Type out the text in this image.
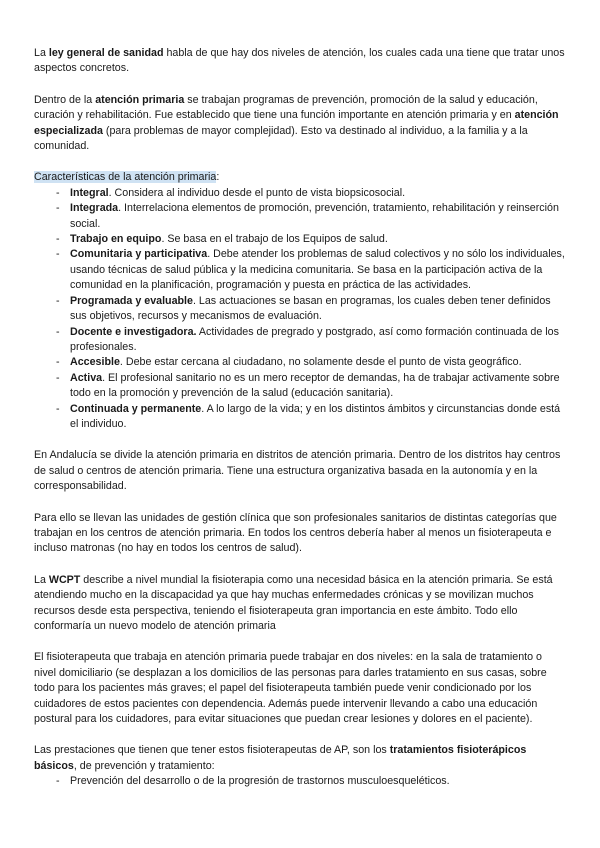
La ley general de sanidad habla de que hay dos niveles de atención, los cuales cada una tiene que tratar unos aspectos concretos.

Dentro de la atención primaria se trabajan programas de prevención, promoción de la salud y educación, curación y rehabilitación. Fue establecido que tiene una función importante en atención primaria y en atención especializada (para problemas de mayor complejidad). Esto va destinado al individuo, a la familia y a la comunidad.

Características de la atención primaria:
- Integral. Considera al individuo desde el punto de vista biopsicosocial.
- Integrada. Interrelaciona elementos de promoción, prevención, tratamiento, rehabilitación y reinserción social.
- Trabajo en equipo. Se basa en el trabajo de los Equipos de salud.
- Comunitaria y participativa. Debe atender los problemas de salud colectivos y no sólo los individuales, usando técnicas de salud pública y la medicina comunitaria. Se basa en la participación activa de la comunidad en la planificación, programación y puesta en práctica de las actividades.
- Programada y evaluable. Las actuaciones se basan en programas, los cuales deben tener definidos sus objetivos, recursos y mecanismos de evaluación.
- Docente e investigadora. Actividades de pregrado y postgrado, así como formación continuada de los profesionales.
- Accesible. Debe estar cercana al ciudadano, no solamente desde el punto de vista geográfico.
- Activa. El profesional sanitario no es un mero receptor de demandas, ha de trabajar activamente sobre todo en la promoción y prevención de la salud (educación sanitaria).
- Continuada y permanente. A lo largo de la vida; y en los distintos ámbitos y circunstancias donde está el individuo.

En Andalucía se divide la atención primaria en distritos de atención primaria. Dentro de los distritos hay centros de salud o centros de atención primaria. Tiene una estructura organizativa basada en la autonomía y en la corresponsabilidad.

Para ello se llevan las unidades de gestión clínica que son profesionales sanitarios de distintas categorías que trabajan en los centros de atención primaria. En todos los centros debería haber al menos un fisioterapeuta e incluso matronas (no hay en todos los centros de salud).

La WCPT describe a nivel mundial la fisioterapia como una necesidad básica en la atención primaria. Se está atendiendo mucho en la discapacidad ya que hay muchas enfermedades crónicas y se movilizan muchos recursos desde esta perspectiva, teniendo el fisioterapeuta gran importancia en este ámbito. Todo ello conformaría un nuevo modelo de atención primaria

El fisioterapeuta que trabaja en atención primaria puede trabajar en dos niveles: en la sala de tratamiento o nivel domiciliario (se desplazan a los domicilios de las personas para darles tratamiento en sus casas, sobre todo para los pacientes más graves; el papel del fisioterapeuta también puede venir condicionado por los cuidadores de estos pacientes con dependencia. Además puede intervenir llevando a cabo una educación postural para los cuidadores, para evitar situaciones que puedan crear lesiones y dolores en el paciente).

Las prestaciones que tienen que tener estos fisioterapeutas de AP, son los tratamientos fisioterápicos básicos, de prevención y tratamiento:
- Prevención del desarrollo o de la progresión de trastornos musculoesqueléticos.
